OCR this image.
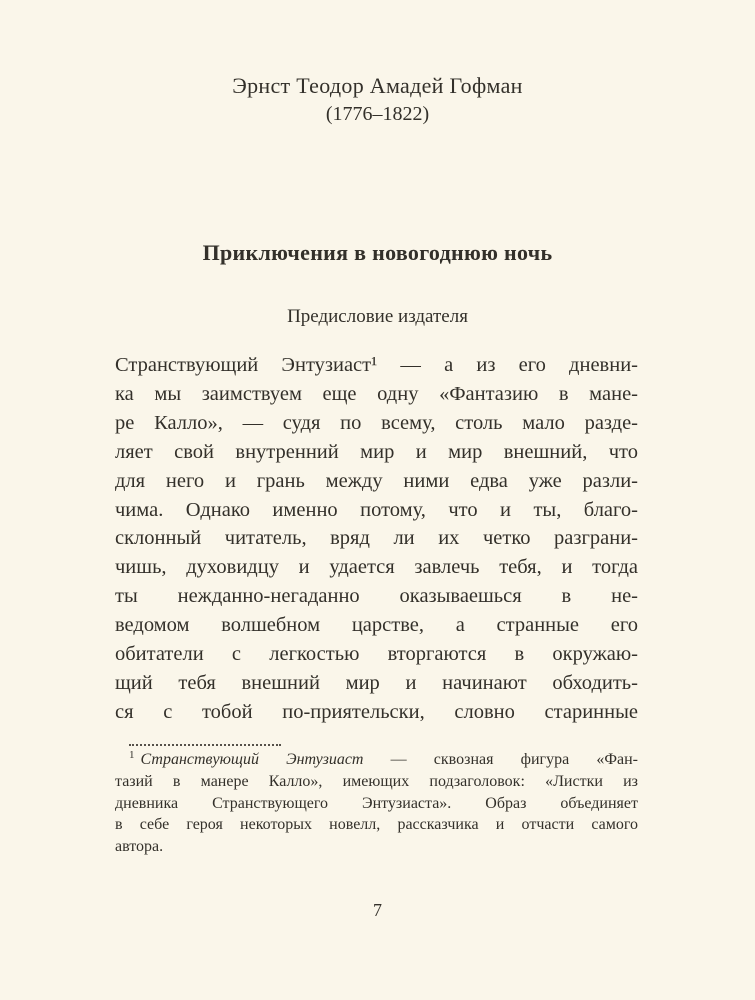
Эрнст Теодор Амадей Гофман
(1776–1822)
Приключения в новогоднюю ночь
Предисловие издателя
Странствующий Энтузиаст¹ — а из его дневни-
ка мы заимствуем еще одну «Фантазию в мане-
ре Калло», — судя по всему, столь мало разде-
ляет свой внутренний мир и мир внешний, что
для него и грань между ними едва уже разли-
чима. Однако именно потому, что и ты, благо-
склонный читатель, вряд ли их четко разграни-
чишь, духовидцу и удается завлечь тебя, и тогда
ты нежданно-негаданно оказываешься в не-
ведомом волшебном царстве, а странные его
обитатели с легкостью вторгаются в окружаю-
щий тебя внешний мир и начинают обходить-
ся с тобой по-приятельски, словно старинные
$^1$ Странствующий Энтузиаст — сквозная фигура «Фан-
тазий в манере Калло», имеющих подзаголовок: «Листки из
дневника Странствующего Энтузиаста». Образ объединяет
в себе героя некоторых новелл, рассказчика и отчасти самого
автора.
7
